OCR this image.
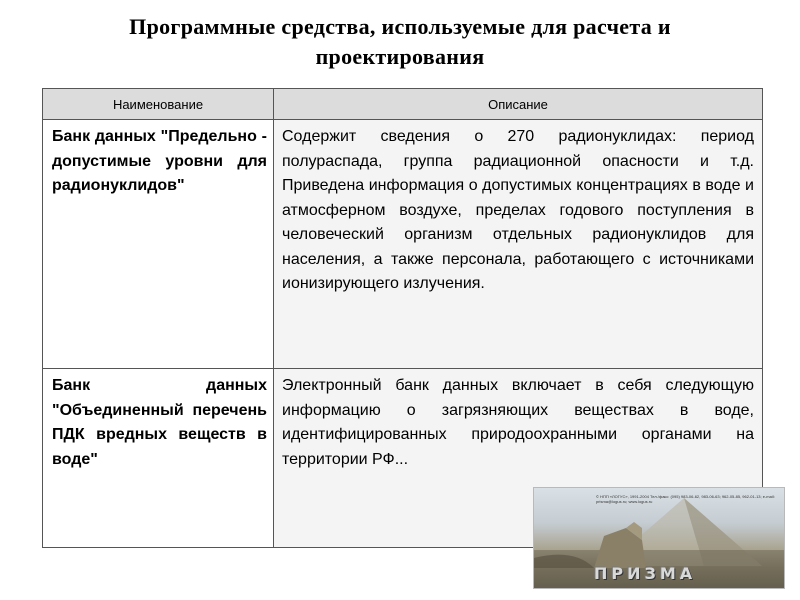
Программные средства, используемые для расчета и
проектирования
Наименование	Описание
Банк данных "Предельно - допустимые уровни для радионуклидов"	Содержит сведения о 270 радионуклидах: период полураспада, группа радиационной опасности и т.д. Приведена информация о допустимых концентрациях в воде и атмосферном воздухе, пределах годового поступления в человеческий организм отдельных радионуклидов для населения, а также персонала, работающего с источниками ионизирующего излучения.
Банк данных "Объединенный перечень ПДК вредных веществ в воде"	Электронный банк данных включает в себя следующую информацию о загрязняющих веществах в воде, идентифицированных природоохранными органами на территории РФ...
© НПП «ЛОГУС», 1991-2004 Тел./факс: (095) 983-06-62, 983-06-63; 962-05-85, 962-01-13; e-mail: prisma@logus.ru; www.logus.ru
ПРИЗМА
